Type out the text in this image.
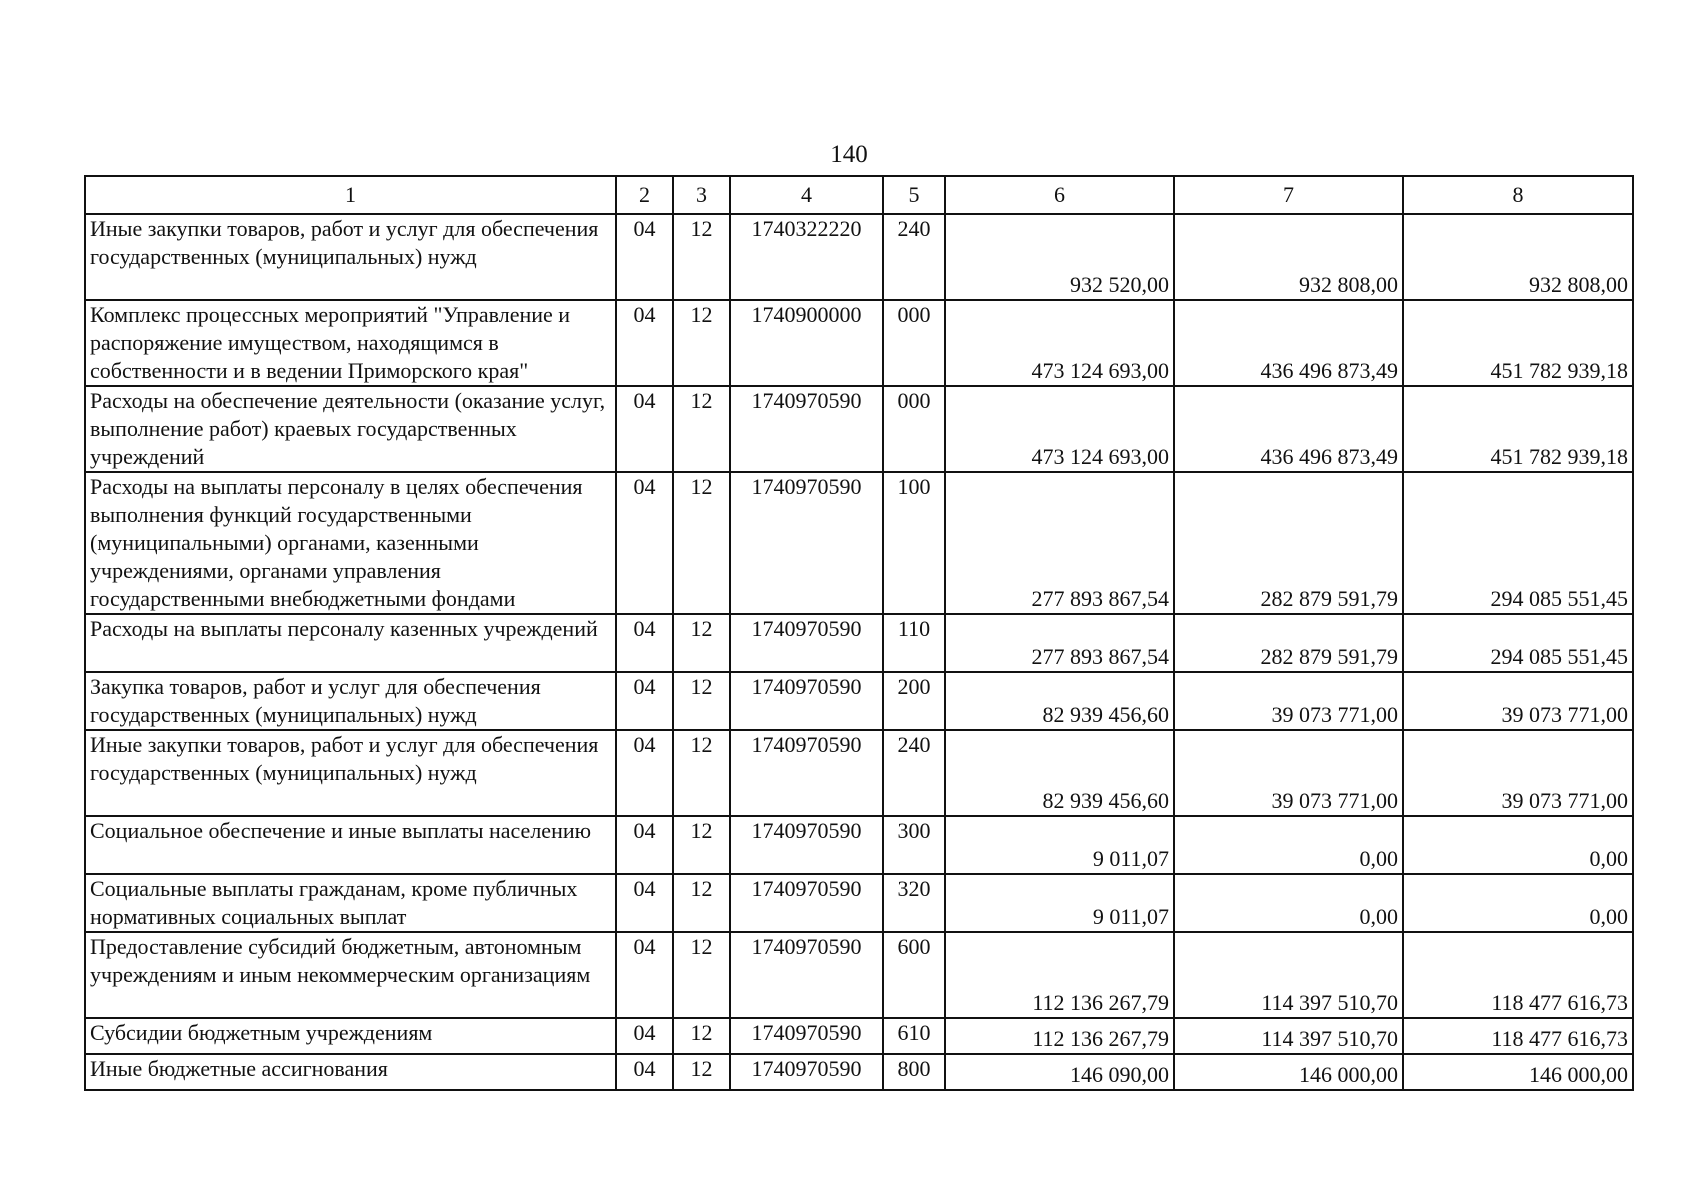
140
1	2	3	4	5	6	7	8
Иные закупки товаров, работ и услуг для обеспечения государственных (муниципальных) нужд	04	12	1740322220	240	932 520,00	932 808,00	932 808,00
Комплекс процессных мероприятий "Управление и распоряжение имуществом, находящимся в собственности и в ведении Приморского края"	04	12	1740900000	000	473 124 693,00	436 496 873,49	451 782 939,18
Расходы на обеспечение деятельности (оказание услуг, выполнение работ) краевых государственных учреждений	04	12	1740970590	000	473 124 693,00	436 496 873,49	451 782 939,18
Расходы на выплаты персоналу в целях обеспечения выполнения функций государственными (муниципальными) органами, казенными учреждениями, органами управления государственными внебюджетными фондами	04	12	1740970590	100	277 893 867,54	282 879 591,79	294 085 551,45
Расходы на выплаты персоналу казенных учреждений	04	12	1740970590	110	277 893 867,54	282 879 591,79	294 085 551,45
Закупка товаров, работ и услуг для обеспечения государственных (муниципальных) нужд	04	12	1740970590	200	82 939 456,60	39 073 771,00	39 073 771,00
Иные закупки товаров, работ и услуг для обеспечения государственных (муниципальных) нужд	04	12	1740970590	240	82 939 456,60	39 073 771,00	39 073 771,00
Социальное обеспечение и иные выплаты населению	04	12	1740970590	300	9 011,07	0,00	0,00
Социальные выплаты гражданам, кроме публичных нормативных социальных выплат	04	12	1740970590	320	9 011,07	0,00	0,00
Предоставление субсидий бюджетным, автономным учреждениям и иным некоммерческим организациям	04	12	1740970590	600	112 136 267,79	114 397 510,70	118 477 616,73
Субсидии бюджетным учреждениям	04	12	1740970590	610	112 136 267,79	114 397 510,70	118 477 616,73
Иные бюджетные ассигнования	04	12	1740970590	800	146 090,00	146 000,00	146 000,00
